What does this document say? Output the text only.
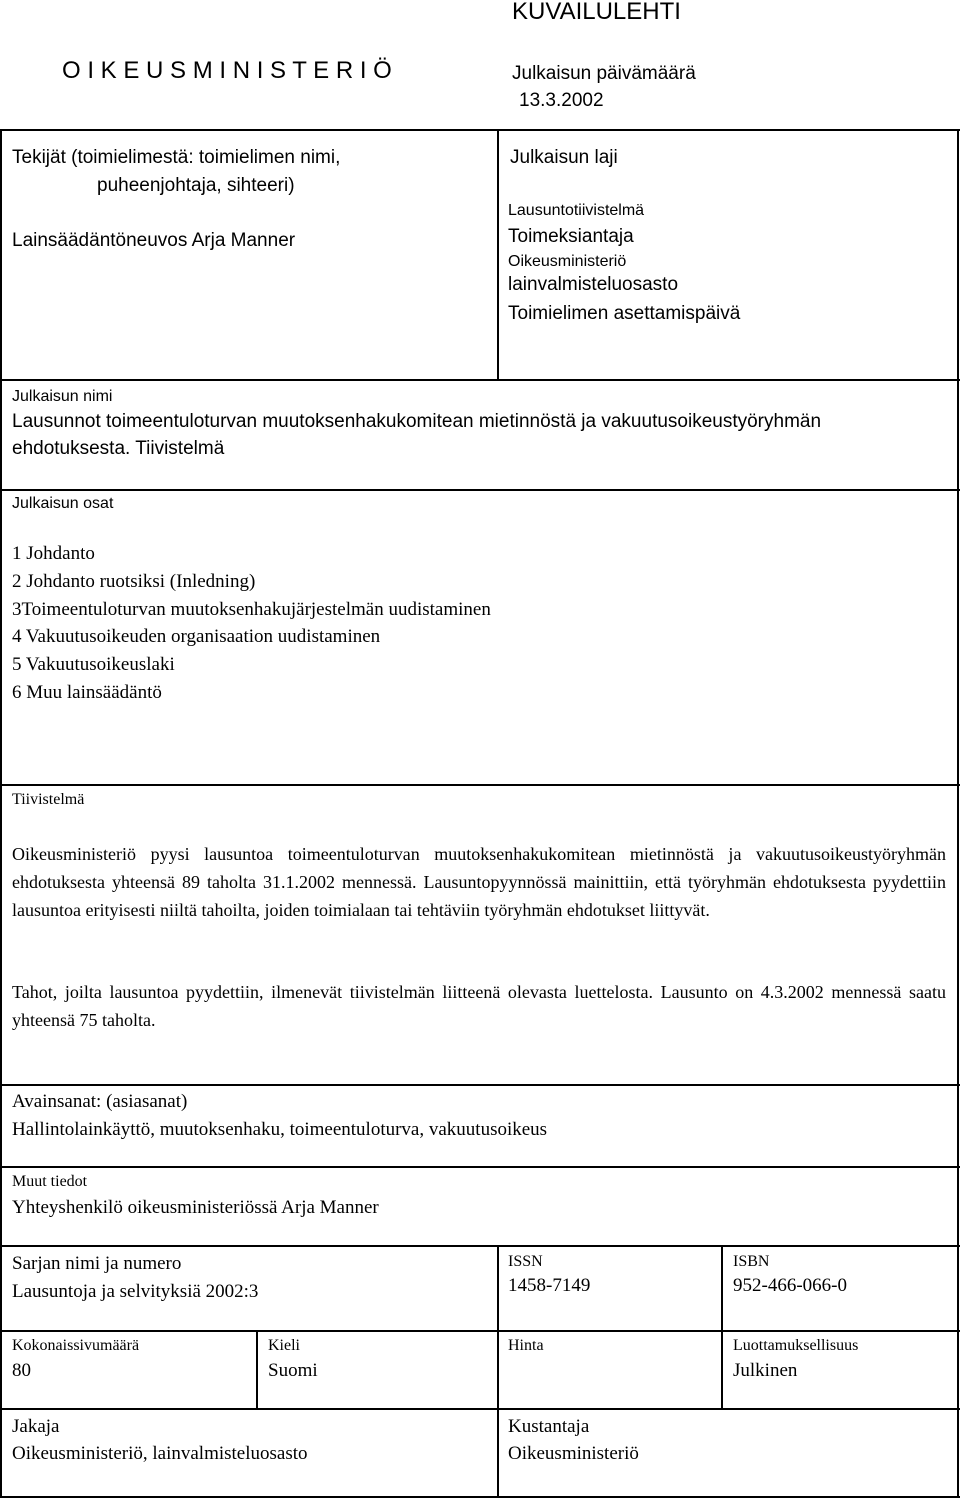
KUVAILULEHTI
O I K E U S M I N I S T E R I Ö	Julkaisun päivämäärä
13.3.2002
Tekijät (toimielimestä: toimielimen nimi,
puheenjohtaja, sihteeri)
Lainsäädäntöneuvos Arja Manner
Julkaisun laji
Lausuntotiivistelmä
Toimeksiantaja
Oikeusministeriö
lainvalmisteluosasto
Toimielimen asettamispäivä
Julkaisun nimi
Lausunnot toimeentuloturvan muutoksenhakukomitean mietinnöstä ja vakuutusoikeustyöryhmän
ehdotuksesta. Tiivistelmä
Julkaisun osat
1 Johdanto
2 Johdanto ruotsiksi (Inledning)
3Toimeentuloturvan muutoksenhakujärjestelmän uudistaminen
4 Vakuutusoikeuden organisaation uudistaminen
5 Vakuutusoikeuslaki
6 Muu lainsäädäntö
Tiivistelmä
Oikeusministeriö pyysi lausuntoa toimeentuloturvan muutoksenhakukomitean mietinnöstä ja vakuutusoikeustyöryhmän ehdotuksesta yhteensä 89 taholta 31.1.2002 mennessä. Lausuntopyynnössä mainittiin, että työryhmän ehdotuksesta pyydettiin lausuntoa erityisesti niiltä tahoilta, joiden toimialaan tai tehtäviin työryhmän ehdotukset liittyvät.
Tahot, joilta lausuntoa pyydettiin, ilmenevät tiivistelmän liitteenä olevasta luettelosta. Lausunto on 4.3.2002 mennessä saatu yhteensä 75 taholta.
Avainsanat: (asiasanat)
Hallintolainkäyttö, muutoksenhaku, toimeentuloturva, vakuutusoikeus
Muut tiedot
Yhteyshenkilö oikeusministeriössä Arja Manner
Sarjan nimi ja numero
Lausuntoja ja selvityksiä 2002:3
ISSN
1458-7149
ISBN
952-466-066-0
Kokonaissivumäärä
80
Kieli
Suomi
Hinta	Luottamuksellisuus
Julkinen
Jakaja
Oikeusministeriö, lainvalmisteluosasto
Kustantaja
Oikeusministeriö
